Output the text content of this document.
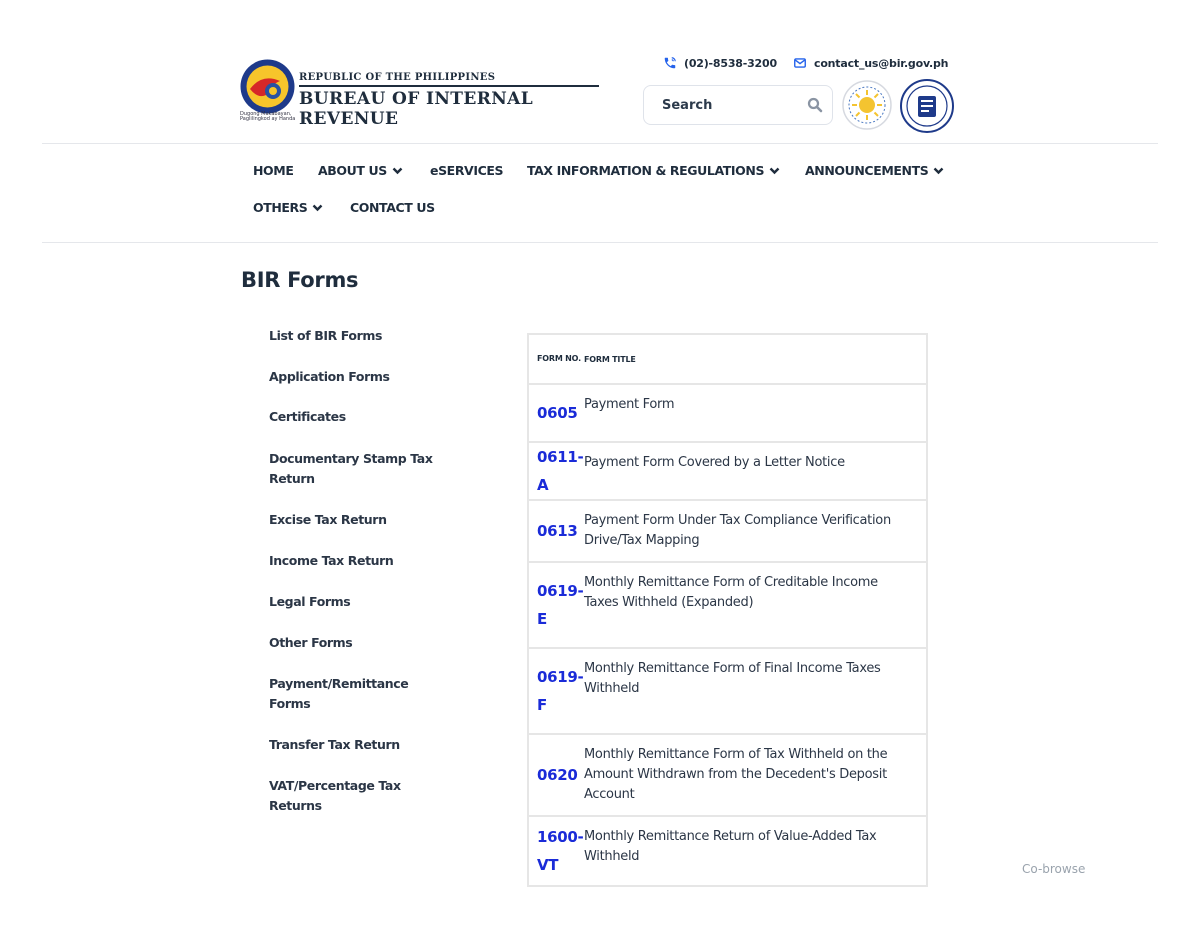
Dugong Makabayan, Paglilingkod ay Handa
REPUBLIC OF THE PHILIPPINES
BUREAU OF INTERNAL REVENUE
(02)-8538-3200	contact_us@bir.gov.ph
Search
HOME ABOUT US	eSERVICES TAX INFORMATION & REGULATIONS	ANNOUNCEMENTS
OTHERS	CONTACT US
BIR Forms
List of BIR Forms
Application Forms
Certificates
Documentary Stamp Tax Return
Excise Tax Return
Income Tax Return
Legal Forms
Other Forms
Payment/Remittance Forms
Transfer Tax Return
VAT/Percentage Tax Returns
FORM NO.	FORM TITLE
0605	Payment Form
0611-A	Payment Form Covered by a Letter Notice
0613	Payment Form Under Tax Compliance Verification Drive/Tax Mapping
0619-E	Monthly Remittance Form of Creditable Income Taxes Withheld (Expanded)
0619-F	Monthly Remittance Form of Final Income Taxes Withheld
0620	Monthly Remittance Form of Tax Withheld on the Amount Withdrawn from the Decedent's Deposit Account
1600-VT	Monthly Remittance Return of Value-Added Tax Withheld
Co-browse
